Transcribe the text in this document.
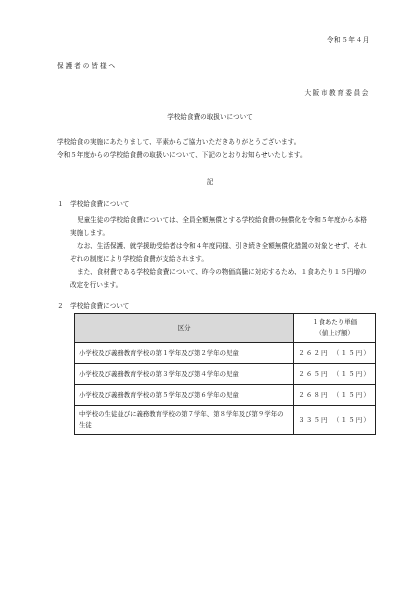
令和５年４月
保護者の皆様へ
大阪市教育委員会
学校給食費の取扱いについて

学校給食の実施にあたりまして、平素からご協力いただきありがとうございます。

令和５年度からの学校給食費の取扱いについて、下記のとおりお知らせいたします。

記
１　学校給食費について

児童生徒の学校給食費については、全員全額無償とする学校給食費の無償化を令和５年度から本格実施します。

なお、生活保護、就学援助受給者は令和４年度同様、引き続き全額無償化措置の対象とせず、それぞれの制度により学校給食費が支給されます。

また、食材費である学校給食費について、昨今の物価高騰に対応するため、１食あたり１５円増の改定を行います。

２　学校給食費について
区分	１食あたり単価
（値上げ額）
小学校及び義務教育学校の第１学年及び第２学年の児童	２６２円　（１５円）
小学校及び義務教育学校の第３学年及び第４学年の児童	２６５円　（１５円）
小学校及び義務教育学校の第５学年及び第６学年の児童	２６８円　（１５円）
中学校の生徒並びに義務教育学校の第７学年、第８学年及び第９学年の生徒	３３５円　（１５円）
